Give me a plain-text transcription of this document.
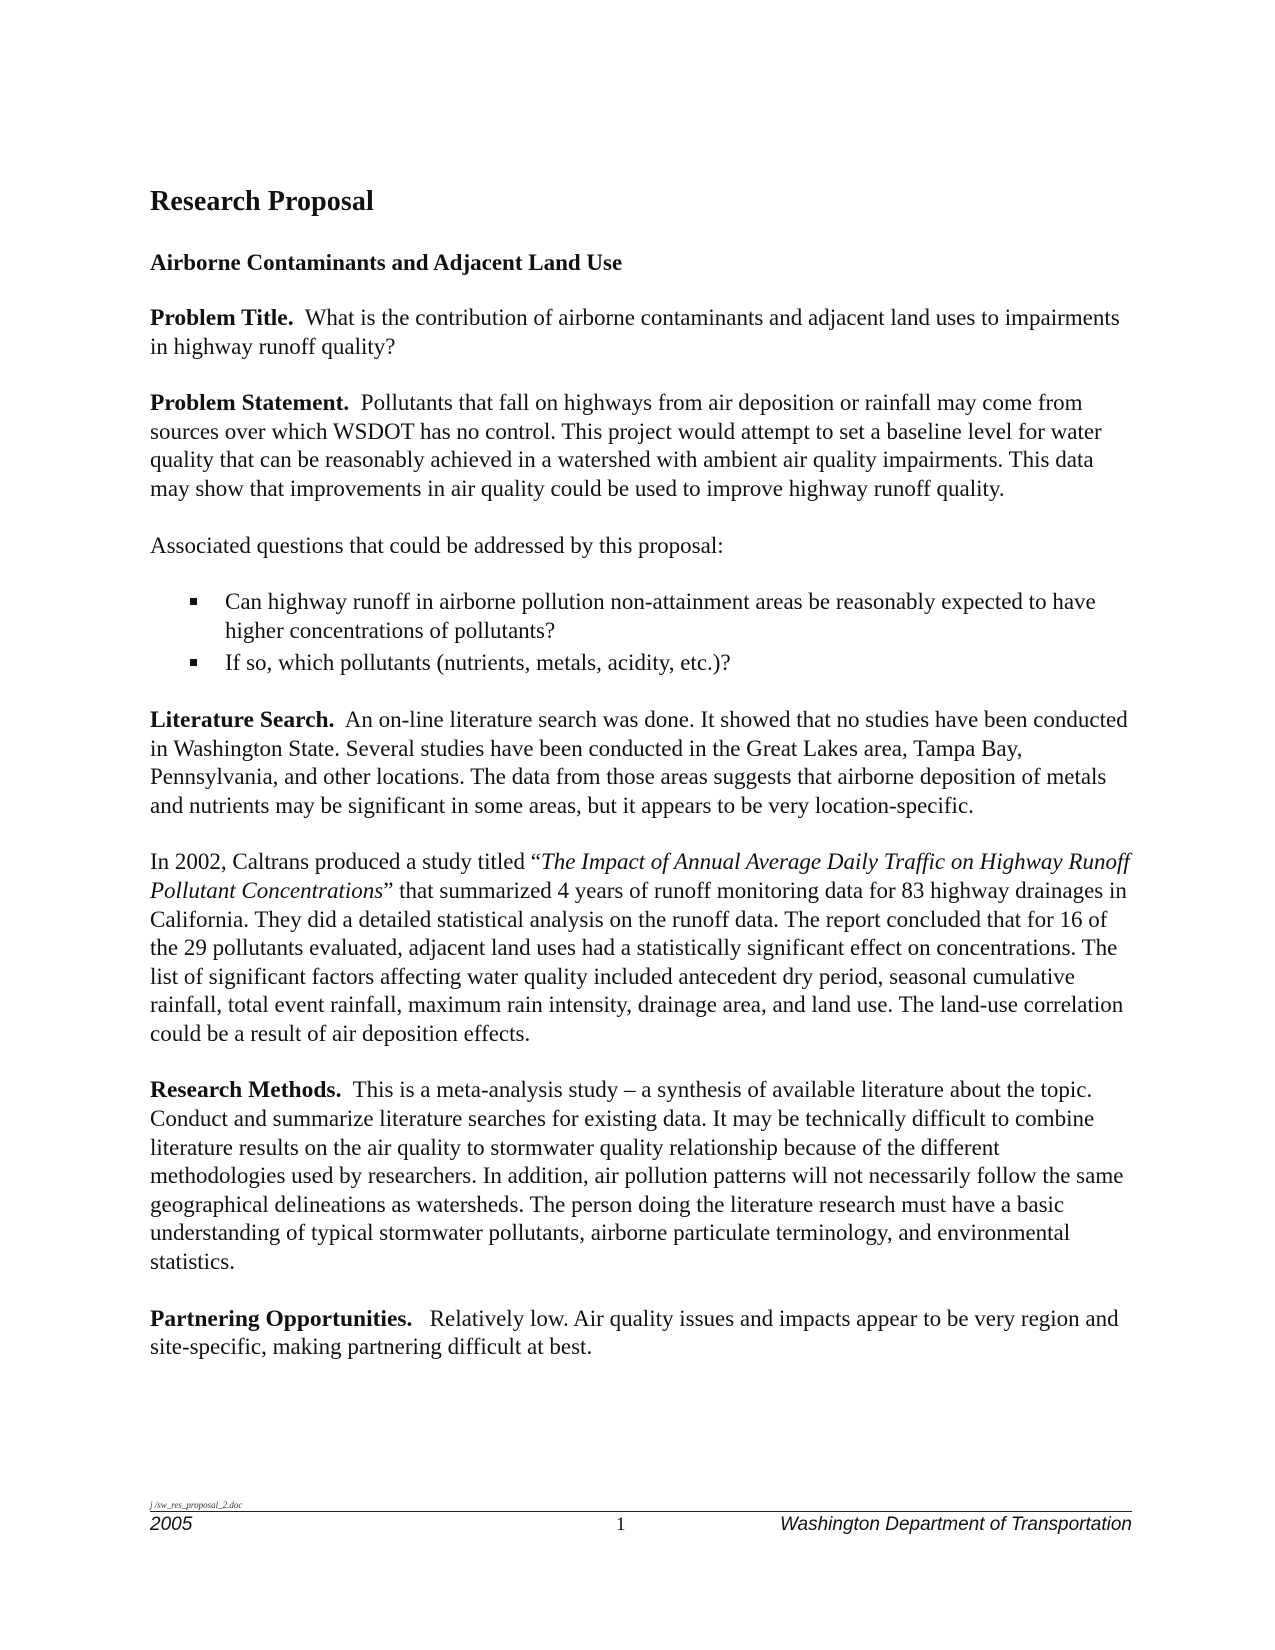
Research Proposal
Airborne Contaminants and Adjacent Land Use

Problem Title. What is the contribution of airborne contaminants and adjacent land uses to impairments in highway runoff quality?

Problem Statement. Pollutants that fall on highways from air deposition or rainfall may come from sources over which WSDOT has no control. This project would attempt to set a baseline level for water quality that can be reasonably achieved in a watershed with ambient air quality impairments. This data may show that improvements in air quality could be used to improve highway runoff quality.

Associated questions that could be addressed by this proposal:

Can highway runoff in airborne pollution non-attainment areas be reasonably expected to have higher concentrations of pollutants?
If so, which pollutants (nutrients, metals, acidity, etc.)?

Literature Search. An on-line literature search was done. It showed that no studies have been conducted in Washington State. Several studies have been conducted in the Great Lakes area, Tampa Bay, Pennsylvania, and other locations. The data from those areas suggests that airborne deposition of metals and nutrients may be significant in some areas, but it appears to be very location-specific.

In 2002, Caltrans produced a study titled “The Impact of Annual Average Daily Traffic on Highway Runoff Pollutant Concentrations” that summarized 4 years of runoff monitoring data for 83 highway drainages in California. They did a detailed statistical analysis on the runoff data. The report concluded that for 16 of the 29 pollutants evaluated, adjacent land uses had a statistically significant effect on concentrations. The list of significant factors affecting water quality included antecedent dry period, seasonal cumulative rainfall, total event rainfall, maximum rain intensity, drainage area, and land use. The land-use correlation could be a result of air deposition effects.

Research Methods. This is a meta-analysis study – a synthesis of available literature about the topic. Conduct and summarize literature searches for existing data. It may be technically difficult to combine literature results on the air quality to stormwater quality relationship because of the different methodologies used by researchers. In addition, air pollution patterns will not necessarily follow the same geographical delineations as watersheds. The person doing the literature research must have a basic understanding of typical stormwater pollutants, airborne particulate terminology, and environmental statistics.

Partnering Opportunities. Relatively low. Air quality issues and impacts appear to be very region and site-specific, making partnering difficult at best.

j /sw_res_proposal_2.doc
2005	1	Washington Department of Transportation
